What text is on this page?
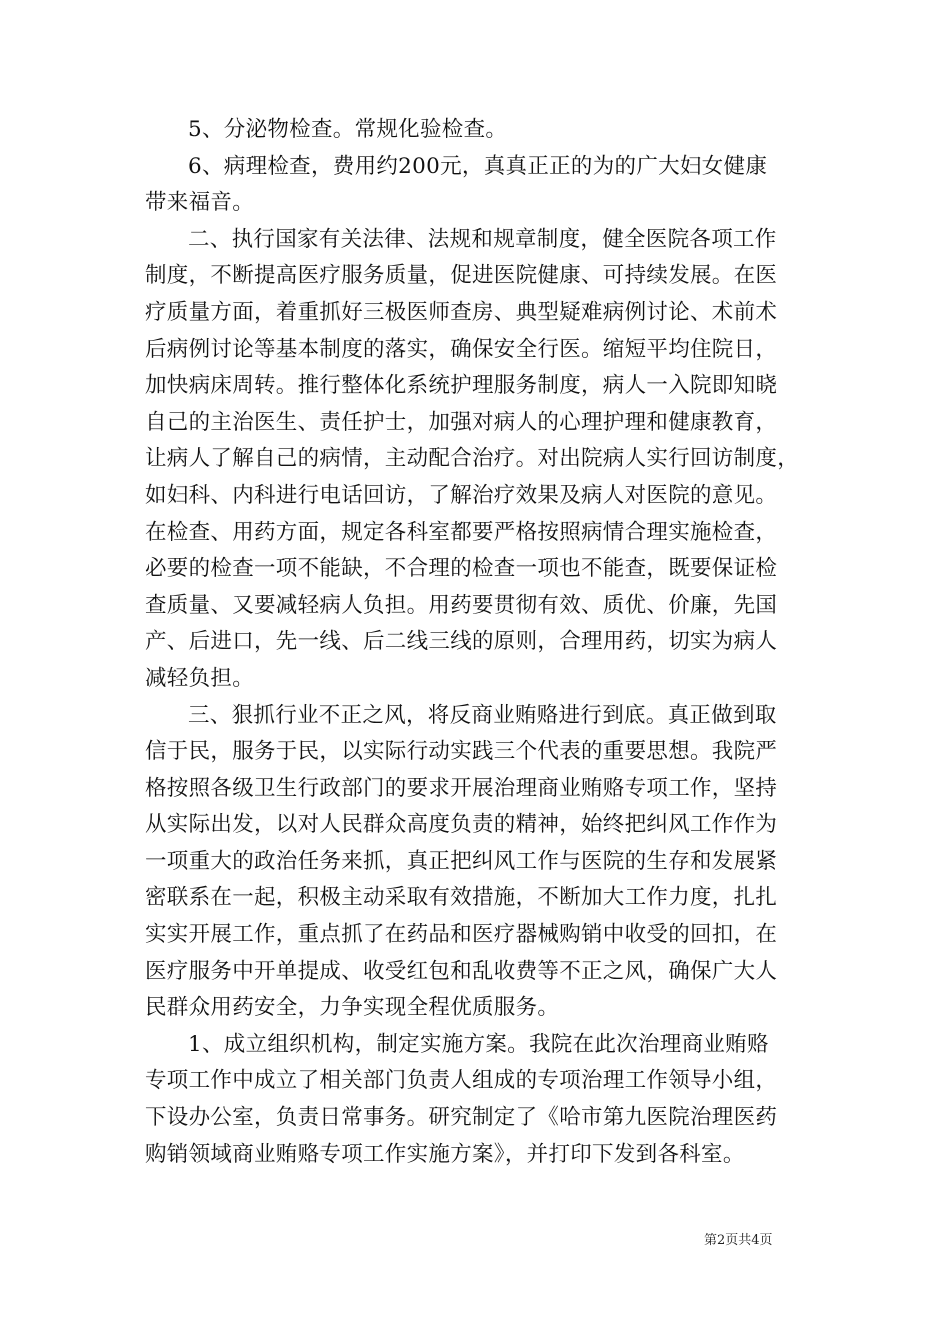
5、分泌物检查。常规化验检查。

6、病理检查，费用约200元，真真正正的为的广大妇女健康
带来福音。

二、执行国家有关法律、法规和规章制度，健全医院各项工作
制度，不断提高医疗服务质量，促进医院健康、可持续发展。在医
疗质量方面，着重抓好三极医师查房、典型疑难病例讨论、术前术
后病例讨论等基本制度的落实，确保安全行医。缩短平均住院日，
加快病床周转。推行整体化系统护理服务制度，病人一入院即知晓
自己的主治医生、责任护士，加强对病人的心理护理和健康教育，
让病人了解自己的病情，主动配合治疗。对出院病人实行回访制度，
如妇科、内科进行电话回访，了解治疗效果及病人对医院的意见。
在检查、用药方面，规定各科室都要严格按照病情合理实施检查，
必要的检查一项不能缺，不合理的检查一项也不能查，既要保证检
查质量、又要减轻病人负担。用药要贯彻有效、质优、价廉，先国
产、后进口，先一线、后二线三线的原则，合理用药，切实为病人
减轻负担。

三、狠抓行业不正之风，将反商业贿赂进行到底。真正做到取
信于民，服务于民，以实际行动实践三个代表的重要思想。我院严
格按照各级卫生行政部门的要求开展治理商业贿赂专项工作，坚持
从实际出发，以对人民群众高度负责的精神，始终把纠风工作作为
一项重大的政治任务来抓，真正把纠风工作与医院的生存和发展紧
密联系在一起，积极主动采取有效措施，不断加大工作力度，扎扎
实实开展工作，重点抓了在药品和医疗器械购销中收受的回扣，在
医疗服务中开单提成、收受红包和乱收费等不正之风，确保广大人
民群众用药安全，力争实现全程优质服务。

1、成立组织机构，制定实施方案。我院在此次治理商业贿赂
专项工作中成立了相关部门负责人组成的专项治理工作领导小组，
下设办公室，负责日常事务。研究制定了《哈市第九医院治理医药
购销领域商业贿赂专项工作实施方案》，并打印下发到各科室。

第2页共4页
